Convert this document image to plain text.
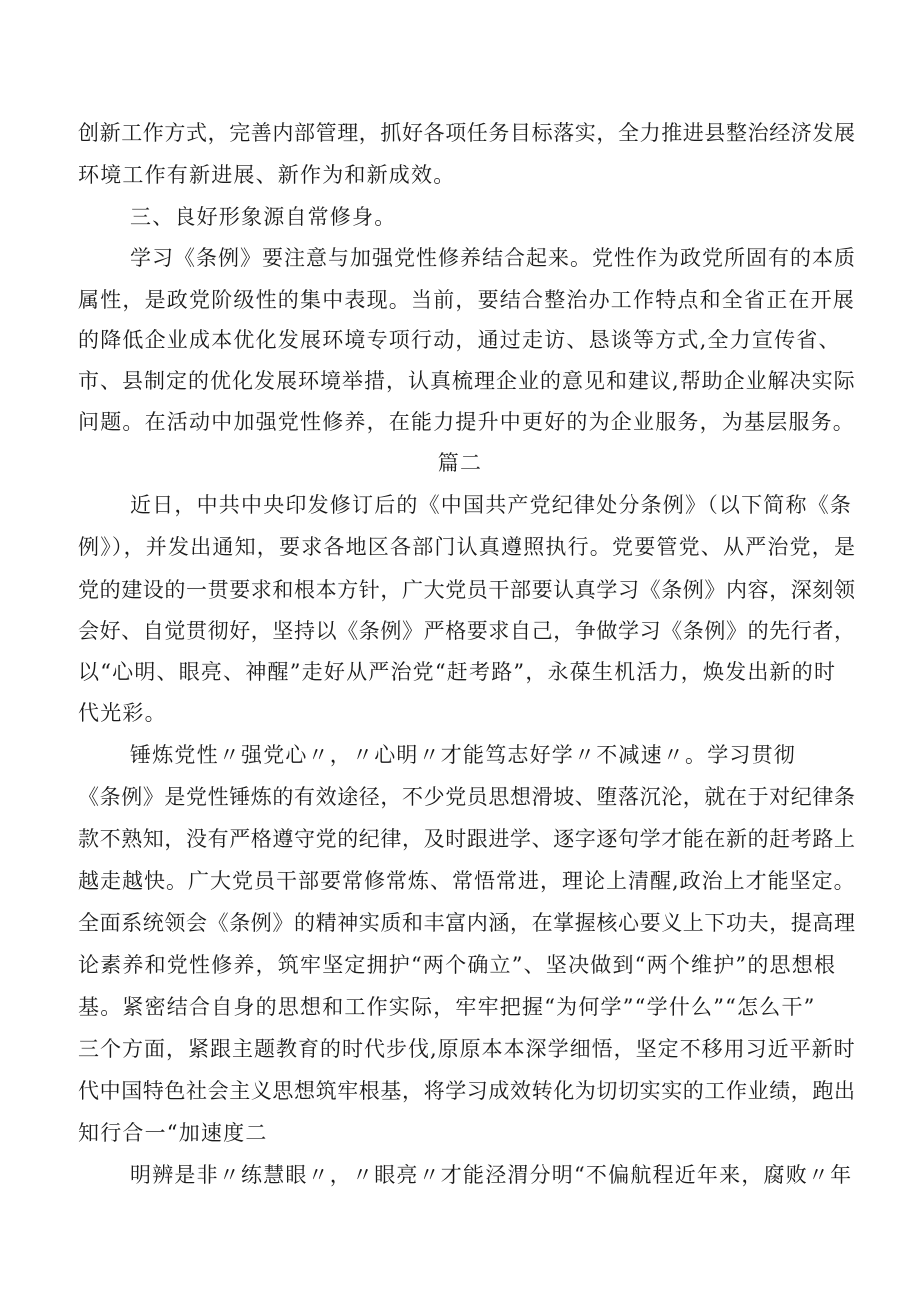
创新工作方式，完善内部管理，抓好各项任务目标落实，全力推进县整治经济发展
环境工作有新进展、新作为和新成效。
三、良好形象源自常修身。
学习《条例》要注意与加强党性修养结合起来。党性作为政党所固有的本质
属性，是政党阶级性的集中表现。当前，要结合整治办工作特点和全省正在开展
的降低企业成本优化发展环境专项行动，通过走访、恳谈等方式,全力宣传省、
市、县制定的优化发展环境举措，认真梳理企业的意见和建议,帮助企业解决实际
问题。在活动中加强党性修养，在能力提升中更好的为企业服务，为基层服务。
篇二
近日，中共中央印发修订后的《中国共产党纪律处分条例》（以下简称《条
例》），并发出通知，要求各地区各部门认真遵照执行。党要管党、从严治党，是
党的建设的一贯要求和根本方针，广大党员干部要认真学习《条例》内容，深刻领
会好、自觉贯彻好，坚持以《条例》严格要求自己，争做学习《条例》的先行者，
以“心明、眼亮、神醒”走好从严治党“赶考路”，永葆生机活力，焕发出新的时
代光彩。
锤炼党性〃强党心〃，〃心明〃才能笃志好学〃不减速〃。学习贯彻
《条例》是党性锤炼的有效途径，不少党员思想滑坡、堕落沉沦，就在于对纪律条
款不熟知，没有严格遵守党的纪律，及时跟进学、逐字逐句学才能在新的赶考路上
越走越快。广大党员干部要常修常炼、常悟常进，理论上清醒,政治上才能坚定。
全面系统领会《条例》的精神实质和丰富内涵，在掌握核心要义上下功夫，提高理
论素养和党性修养，筑牢坚定拥护“两个确立”、坚决做到“两个维护”的思想根
基。紧密结合自身的思想和工作实际，牢牢把握“为何学”“学什么”“怎么干”
三个方面，紧跟主题教育的时代步伐,原原本本深学细悟，坚定不移用习近平新时
代中国特色社会主义思想筑牢根基，将学习成效转化为切切实实的工作业绩，跑出
知行合一“加速度二
明辨是非〃练慧眼〃，〃眼亮〃才能泾渭分明“不偏航程近年来，腐败〃年
